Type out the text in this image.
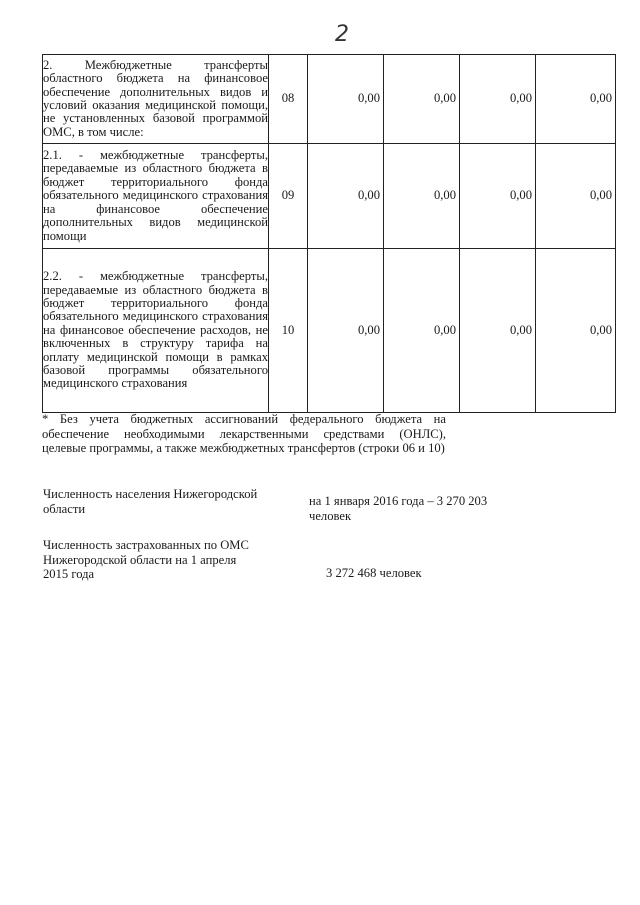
2
2. Межбюджетные трансферты областного бюджета на финансовое обеспечение дополнительных видов и условий оказания медицинской помощи, не установленных базовой программой ОМС, в том числе:	08	0,00	0,00	0,00	0,00

2.1. - межбюджетные трансферты, передаваемые из областного бюджета в бюджет территориального фонда обязательного медицинского страхования на финансовое обеспечение дополнительных видов медицинской помощи	09	0,00	0,00	0,00	0,00

2.2. - межбюджетные трансферты, передаваемые из областного бюджета в бюджет территориального фонда обязательного медицинского страхования на финансовое обеспечение расходов, не включенных в структуру тарифа на оплату медицинской помощи в рамках базовой программы обязательного медицинского страхования	10	0,00	0,00	0,00	0,00
* Без учета бюджетных ассигнований федерального бюджета на обеспечение необходимыми лекарственными средствами (ОНЛС), целевые программы, а также межбюджетных трансфертов (строки 06 и 10)
Численность населения Нижегородской области
на 1 января 2016 года – 3 270 203 человек
Численность застрахованных по ОМС Нижегородской области на 1 апреля 2015 года	3 272 468 человек
